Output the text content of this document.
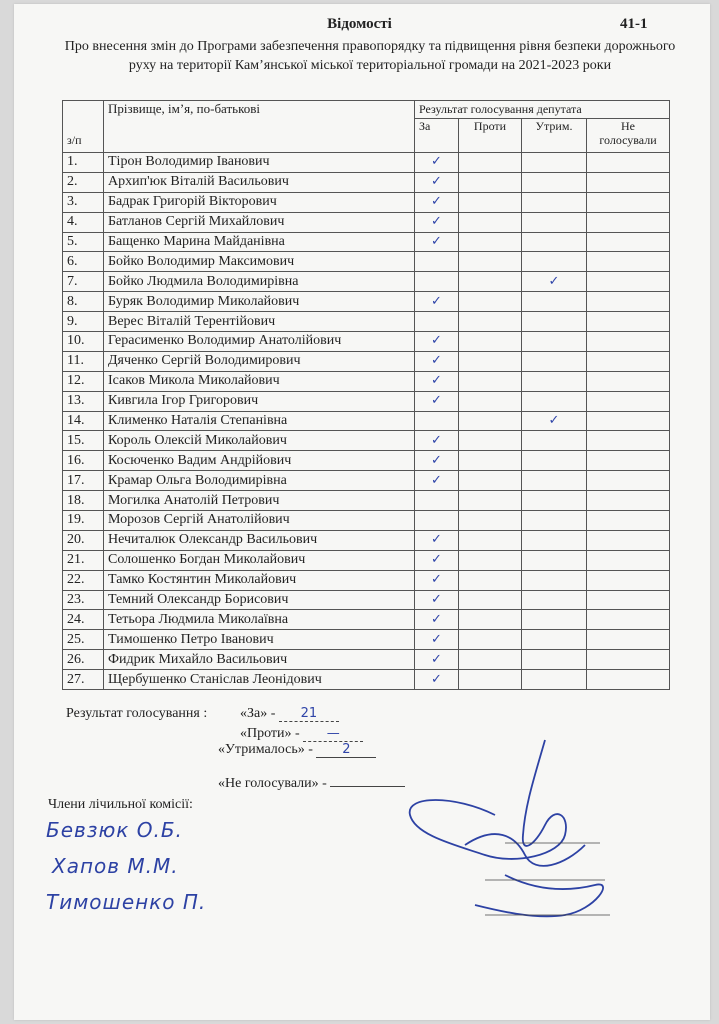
Відомості	41-1
Про внесення змін до Програми забезпечення правопорядку та підвищення рівня безпеки дорожнього руху на території Кам’янської міської територіальної громади на 2021-2023 роки
з/п	Прізвище, ім’я, по-батькові	Результат голосування депутата			
		За	Проти	Утрим.	Не голосували
1.	Тірон Володимир Іванович	✓			
2.	Архип'юк Віталій Васильович	✓			
3.	Бадрак Григорій Вікторович	✓			
4.	Батланов Сергій Михайлович	✓			
5.	Бащенко Марина Майданівна	✓			
6.	Бойко Володимир Максимович				
7.	Бойко Людмила Володимирівна			✓	
8.	Буряк Володимир Миколайович	✓			
9.	Верес Віталій Терентійович				
10.	Герасименко Володимир Анатолійович	✓			
11.	Дяченко Сергій Володимирович	✓			
12.	Ісаков Микола Миколайович	✓			
13.	Кивгила Ігор Григорович	✓			
14.	Клименко Наталія Степанівна			✓	
15.	Король Олексій Миколайович	✓			
16.	Косюченко Вадим Андрійович	✓			
17.	Крамар Ольга Володимирівна	✓			
18.	Могилка Анатолій Петрович				
19.	Морозов Сергій Анатолійович				
20.	Нечиталюк Олександр Васильович	✓			
21.	Солошенко Богдан Миколайович	✓			
22.	Тамко Костянтин Миколайович	✓			
23.	Темний Олександр Борисович	✓			
24.	Тетьора Людмила Миколаївна	✓			
25.	Тимошенко Петро Іванович	✓			
26.	Фидрик Михайло Васильович	✓			
27.	Щербушенко Станіслав Леонідович	✓			
Результат голосування : «За» - 21
«Проти» - —
«Утрималось» - 2
«Не голосували» -
Члени лічильної комісії:
Бевзюк О.Б.
Хапов М.М.
Тимошенко П.
